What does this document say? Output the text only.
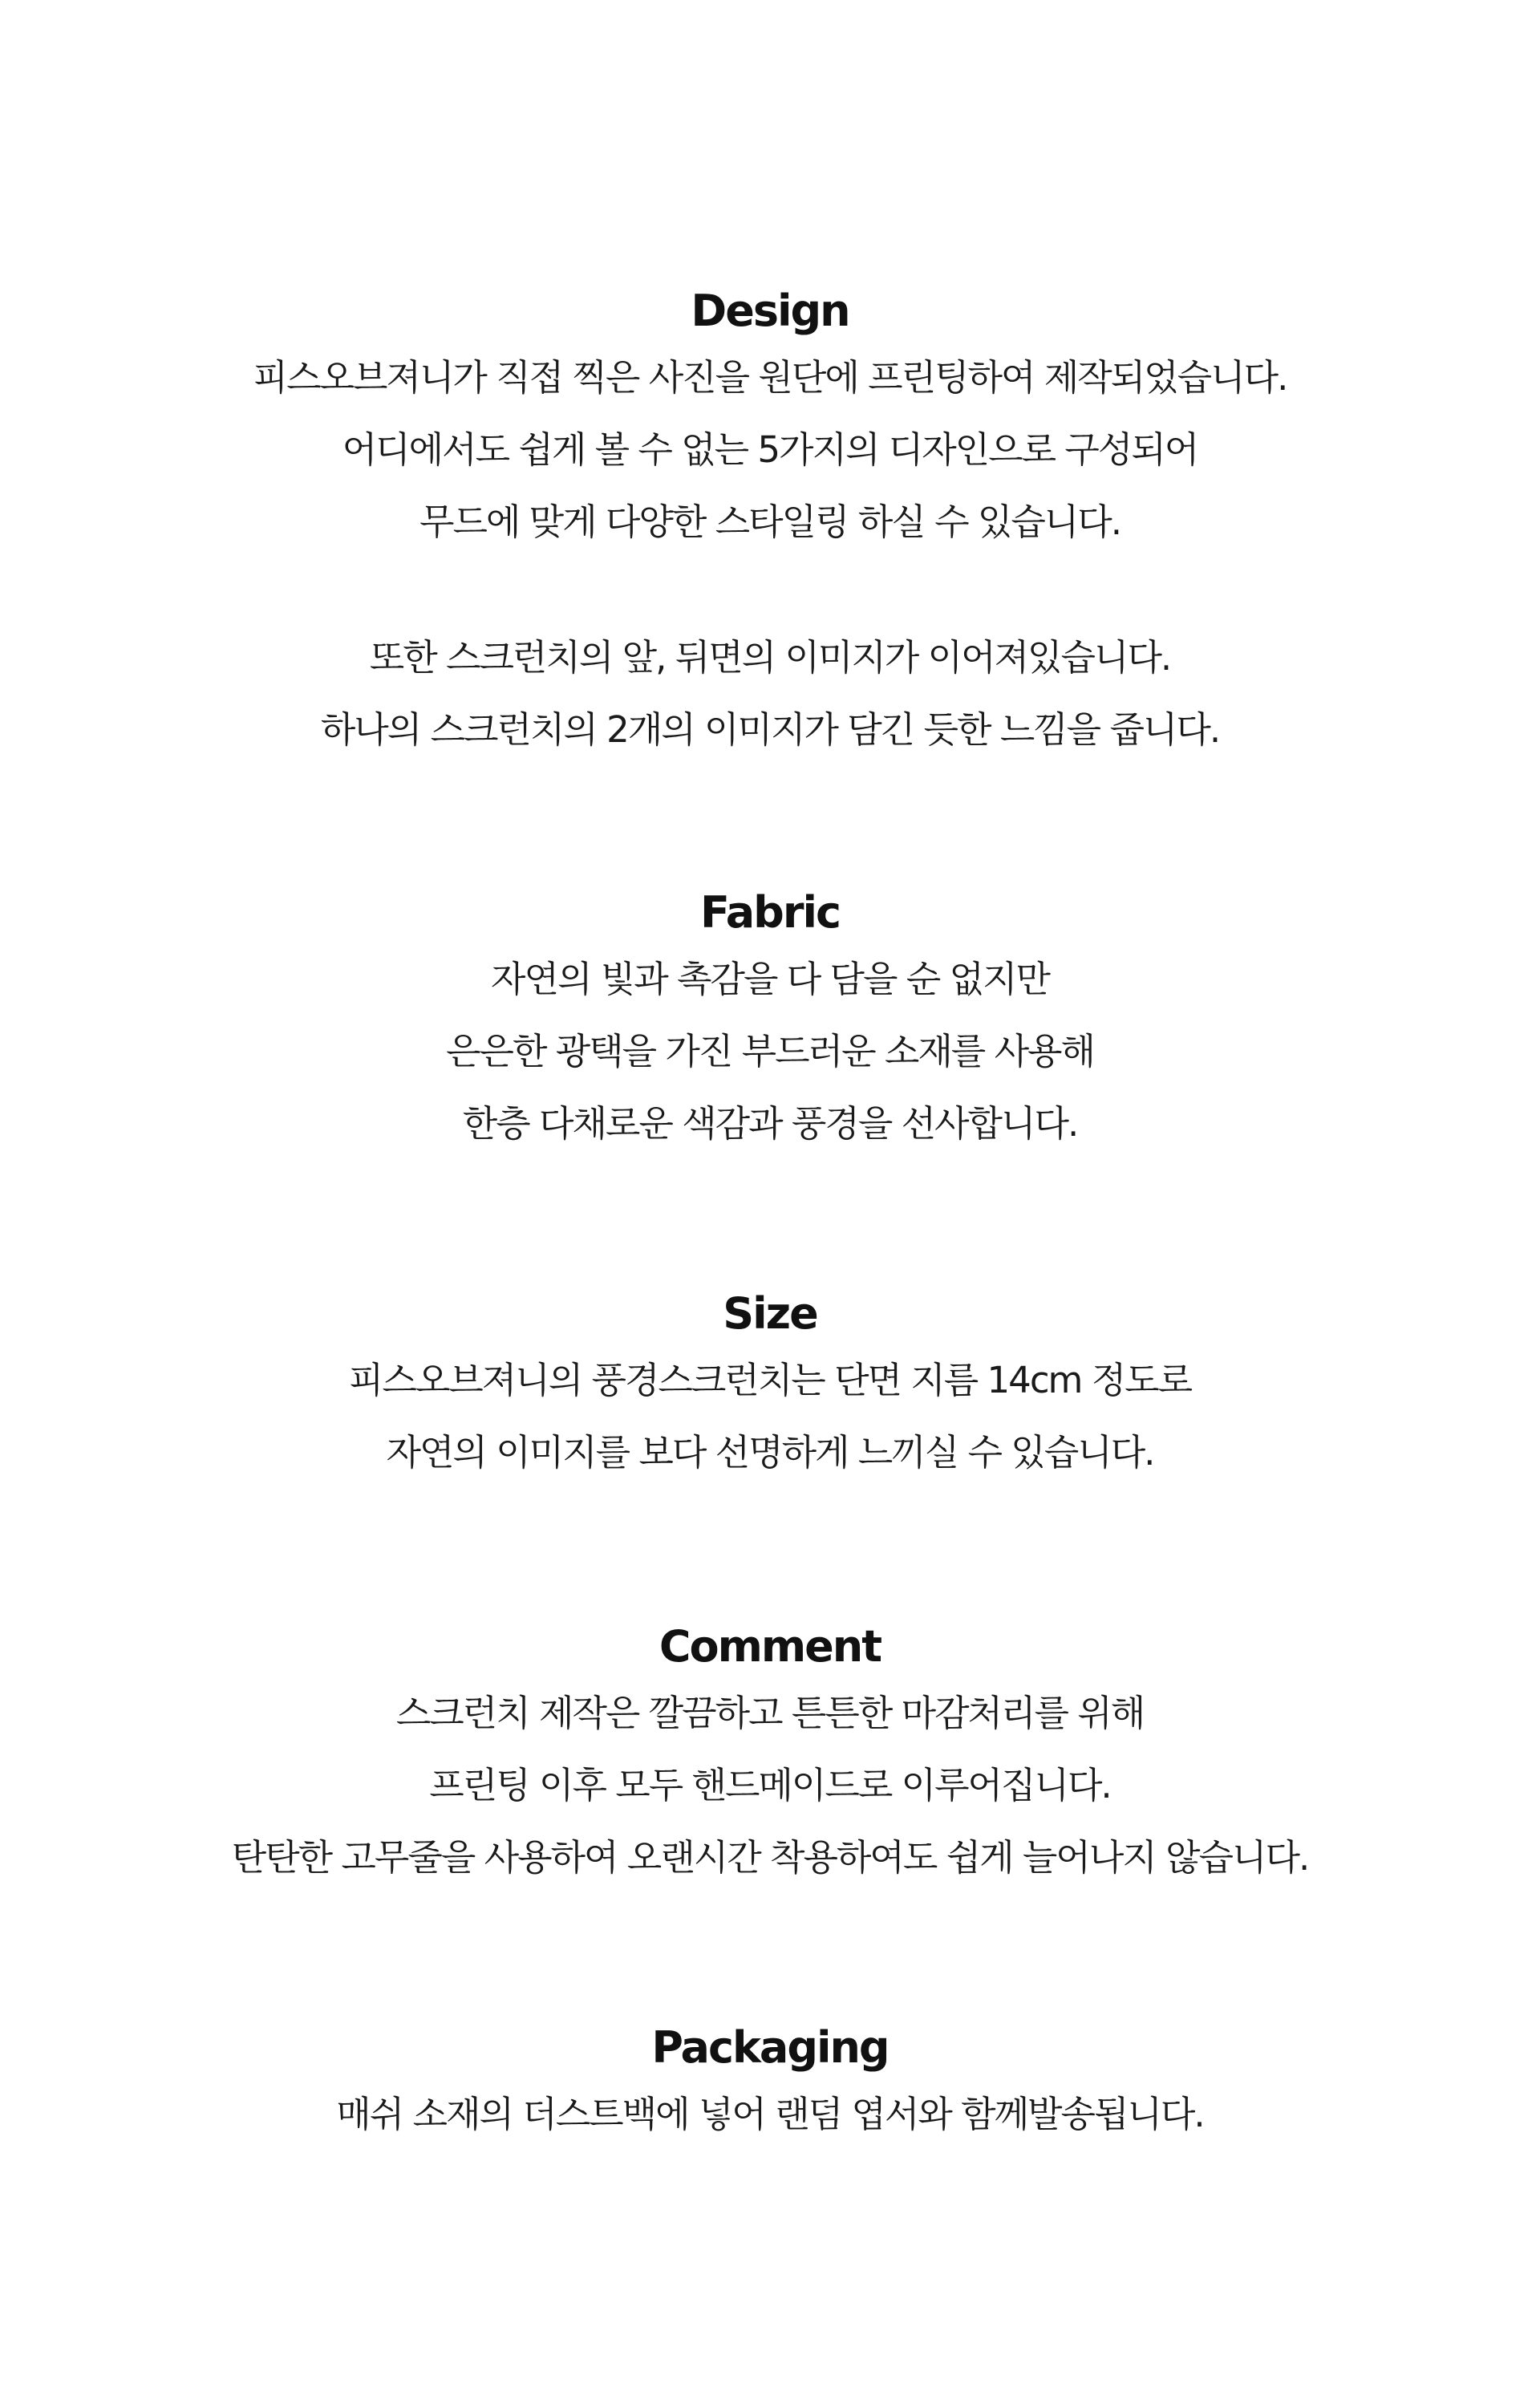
Design

피스오브져니가 직접 찍은 사진을 원단에 프린팅하여 제작되었습니다.

어디에서도 쉽게 볼 수 없는 5가지의 디자인으로 구성되어

무드에 맞게 다양한 스타일링 하실 수 있습니다.

또한 스크런치의 앞, 뒤면의 이미지가 이어져있습니다.

하나의 스크런치의 2개의 이미지가 담긴 듯한 느낌을 줍니다.

Fabric

자연의 빛과 촉감을 다 담을 순 없지만

은은한 광택을 가진 부드러운 소재를 사용해

한층 다채로운 색감과 풍경을 선사합니다.

Size

피스오브져니의 풍경스크런치는 단면 지름 14cm 정도로

자연의 이미지를 보다 선명하게 느끼실 수 있습니다.

Comment

스크런치 제작은 깔끔하고 튼튼한 마감처리를 위해

프린팅 이후 모두 핸드메이드로 이루어집니다.

탄탄한 고무줄을 사용하여 오랜시간 착용하여도 쉽게 늘어나지 않습니다.

Packaging

매쉬 소재의 더스트백에 넣어 랜덤 엽서와 함께발송됩니다.
